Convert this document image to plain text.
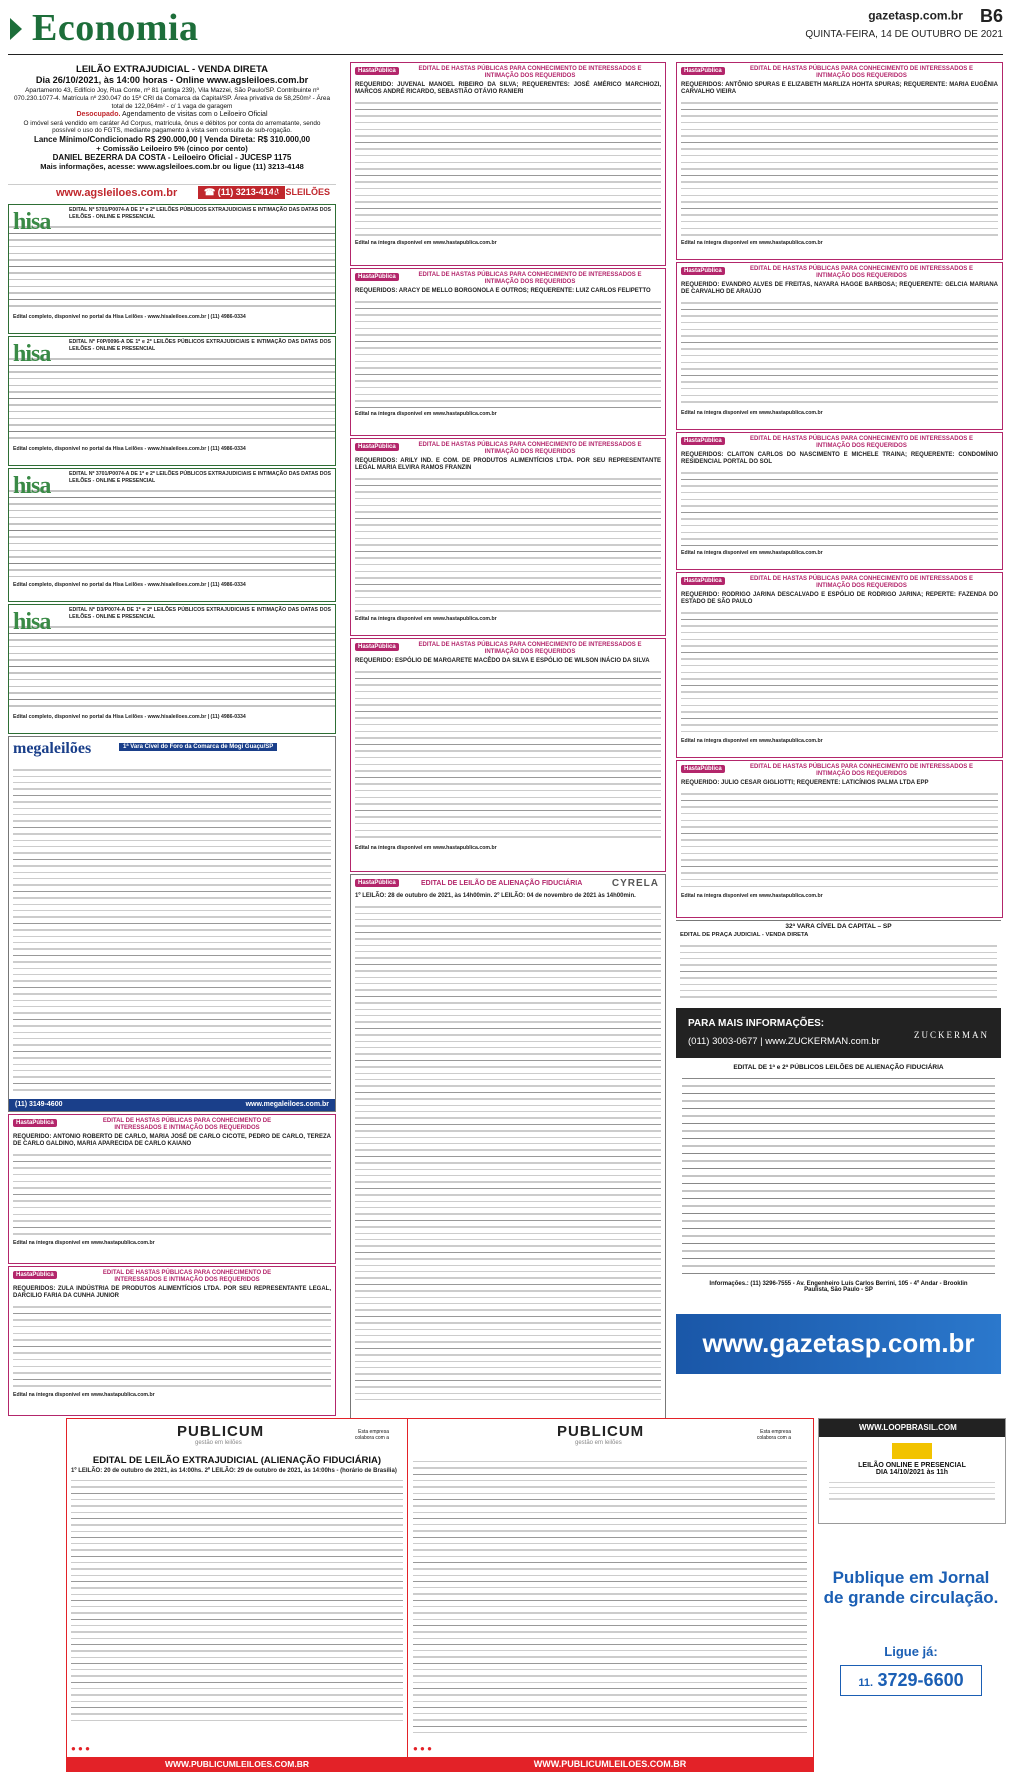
Economia	gazetasp.com.br B6
QUINTA-FEIRA, 14 DE OUTUBRO DE 2021
LEILÃO EXTRAJUDICIAL - VENDA DIRETA
Dia 26/10/2021, às 14:00 horas - Online www.agsleiloes.com.br
Apartamento 43, Edifício Joy, Rua Conte, nº 81 (antiga 239), Vila Mazzei, São Paulo/SP. Contribuinte nº 070.230.1077-4. Matrícula nº 230.047 do 15º CRI da Comarca da Capital/SP. Área privativa de 58,250m² - Área total de 122,064m² - c/ 1 vaga de garagem
Desocupado. Agendamento de visitas com o Leiloeiro Oficial
O imóvel será vendido em caráter Ad Corpus, matrícula, ônus e débitos por conta do arrematante, sendo possível o uso do FGTS, mediante pagamento à vista sem consulta de sub-rogação.
Lance Mínimo/Condicionado R$ 290.000,00 | Venda Direta: R$ 310.000,00
+ Comissão Leiloeiro 5% (cinco por cento)
DANIEL BEZERRA DA COSTA - Leiloeiro Oficial - JUCESP 1175
Mais informações, acesse: www.agsleiloes.com.br ou ligue (11) 3213-4148
www.agsleiloes.com.br	☎ (11) 3213-4148
AGSLEILÕES
hisa	EDITAL Nº 5701/P0074-A DE 1º e 2º LEILÕES PÚBLICOS EXTRAJUDICIAIS E INTIMAÇÃO DAS DATAS DOS LEILÕES - ONLINE E PRESENCIAL
Edital completo, disponível no portal da Hisa Leilões - www.hisaleiloes.com.br | (11) 4986-0334
hisa	EDITAL Nº F0P/0096-A DE 1º e 2º LEILÕES PÚBLICOS EXTRAJUDICIAIS E INTIMAÇÃO DAS DATAS DOS LEILÕES - ONLINE E PRESENCIAL
Edital completo, disponível no portal da Hisa Leilões - www.hisaleiloes.com.br | (11) 4986-0334
hisa	EDITAL Nº 3701/P0074-A DE 1º e 2º LEILÕES PÚBLICOS EXTRAJUDICIAIS E INTIMAÇÃO DAS DATAS DOS LEILÕES - ONLINE E PRESENCIAL
Edital completo, disponível no portal da Hisa Leilões - www.hisaleiloes.com.br | (11) 4986-0334
hisa	EDITAL Nº D3/P0074-A DE 1º e 2º LEILÕES PÚBLICOS EXTRAJUDICIAIS E INTIMAÇÃO DAS DATAS DOS LEILÕES - ONLINE E PRESENCIAL
Edital completo, disponível no portal da Hisa Leilões - www.hisaleiloes.com.br | (11) 4986-0334
megaleilões	1ª Vara Cível do Foro da Comarca de Mogi Guaçu/SP
(11) 3149-4600	www.megaleiloes.com.br
HastaPública	EDITAL DE HASTAS PÚBLICAS PARA CONHECIMENTO DE INTERESSADOS E INTIMAÇÃO DOS REQUERIDOS
REQUERIDO: ANTONIO ROBERTO DE CARLO, MARIA JOSÉ DE CARLO CICOTE, PEDRO DE CARLO, TEREZA DE CARLO GALDINO, MARIA APARECIDA DE CARLO KAIANO
Edital na íntegra disponível em www.hastapublica.com.br
HastaPública	EDITAL DE HASTAS PÚBLICAS PARA CONHECIMENTO DE INTERESSADOS E INTIMAÇÃO DOS REQUERIDOS
REQUERIDOS: ZULA INDÚSTRIA DE PRODUTOS ALIMENTÍCIOS LTDA. POR SEU REPRESENTANTE LEGAL, DARCILIO FARIA DA CUNHA JUNIOR
Edital na íntegra disponível em www.hastapublica.com.br
HastaPública	EDITAL DE HASTAS PÚBLICAS PARA CONHECIMENTO DE INTERESSADOS E INTIMAÇÃO DOS REQUERIDOS
REQUERIDO: JUVENAL MANOEL RIBEIRO DA SILVA; REQUERENTES: JOSÉ AMÉRICO MARCHIOZI, MARCOS ANDRÉ RICARDO, SEBASTIÃO OTÁVIO RANIERI
Edital na íntegra disponível em www.hastapublica.com.br
HastaPública	EDITAL DE HASTAS PÚBLICAS PARA CONHECIMENTO DE INTERESSADOS E INTIMAÇÃO DOS REQUERIDOS
REQUERIDOS: ARACY DE MELLO BORGONOLA E OUTROS; REQUERENTE: LUIZ CARLOS FELIPETTO
Edital na íntegra disponível em www.hastapublica.com.br
HastaPública	EDITAL DE HASTAS PÚBLICAS PARA CONHECIMENTO DE INTERESSADOS E INTIMAÇÃO DOS REQUERIDOS
REQUERIDOS: ARILY IND. E COM. DE PRODUTOS ALIMENTÍCIOS LTDA. POR SEU REPRESENTANTE LEGAL MARIA ELVIRA RAMOS FRANZIN
Edital na íntegra disponível em www.hastapublica.com.br
HastaPública	EDITAL DE HASTAS PÚBLICAS PARA CONHECIMENTO DE INTERESSADOS E INTIMAÇÃO DOS REQUERIDOS
REQUERIDO: ESPÓLIO DE MARGARETE MACÊDO DA SILVA E ESPÓLIO DE WILSON INÁCIO DA SILVA
Edital na íntegra disponível em www.hastapublica.com.br
HastaPública	EDITAL DE LEILÃO DE ALIENAÇÃO FIDUCIÁRIA	CYRELA
1º LEILÃO: 28 de outubro de 2021, às 14h00min. 2º LEILÃO: 04 de novembro de 2021 às 14h00min.
HastaPública	EDITAL DE HASTAS PÚBLICAS PARA CONHECIMENTO DE INTERESSADOS E INTIMAÇÃO DOS REQUERIDOS
REQUERIDOS: ANTÔNIO SPURAS E ELIZABETH MARLIZA HOHTA SPURAS; REQUERENTE: MARIA EUGÊNIA CARVALHO VIEIRA
Edital na íntegra disponível em www.hastapublica.com.br
HastaPública	EDITAL DE HASTAS PÚBLICAS PARA CONHECIMENTO DE INTERESSADOS E INTIMAÇÃO DOS REQUERIDOS
REQUERIDO: EVANDRO ALVES DE FREITAS, NAYARA HAGGE BARBOSA; REQUERENTE: GELCIA MARIANA DE CARVALHO DE ARAÚJO
Edital na íntegra disponível em www.hastapublica.com.br
HastaPública	EDITAL DE HASTAS PÚBLICAS PARA CONHECIMENTO DE INTERESSADOS E INTIMAÇÃO DOS REQUERIDOS
REQUERIDOS: CLAITON CARLOS DO NASCIMENTO E MICHELE TRAINA; REQUERENTE: CONDOMÍNIO RESIDENCIAL PORTAL DO SOL
Edital na íntegra disponível em www.hastapublica.com.br
HastaPública	EDITAL DE HASTAS PÚBLICAS PARA CONHECIMENTO DE INTERESSADOS E INTIMAÇÃO DOS REQUERIDOS
REQUERIDO: RODRIGO JARINA DESCALVADO E ESPÓLIO DE RODRIGO JARINA; REPERTE: FAZENDA DO ESTADO DE SÃO PAULO
Edital na íntegra disponível em www.hastapublica.com.br
HastaPública	EDITAL DE HASTAS PÚBLICAS PARA CONHECIMENTO DE INTERESSADOS E INTIMAÇÃO DOS REQUERIDOS
REQUERIDO: JULIO CESAR GIGLIOTTI; REQUERENTE: LATICÍNIOS PALMA LTDA EPP
Edital na íntegra disponível em www.hastapublica.com.br
32ª VARA CÍVEL DA CAPITAL – SP
EDITAL DE PRAÇA JUDICIAL - VENDA DIRETA
PARA MAIS INFORMAÇÕES:
(011) 3003-0677 | www.ZUCKERMAN.com.br
ZUCKERMAN
EDITAL DE 1ª e 2ª PÚBLICOS LEILÕES DE ALIENAÇÃO FIDUCIÁRIA
Informações.: (11) 3296-7555 - Av. Engenheiro Luís Carlos Berrini, 105 - 4º Andar - Brooklin Paulista, São Paulo - SP
www.gazetasp.com.br
PUBLICUM
gestão em leilões
Esta empresa colabora com a
EDITAL DE LEILÃO EXTRAJUDICIAL (ALIENAÇÃO FIDUCIÁRIA)
1º LEILÃO: 20 de outubro de 2021, às 14:00hs. 2º LEILÃO: 29 de outubro de 2021, às 14:00hs - (horário de Brasília)
● ● ●
WWW.PUBLICUMLEILOES.COM.BR
PUBLICUM
gestão em leilões
Esta empresa colabora com a
● ● ●
WWW.PUBLICUMLEILOES.COM.BR
WWW.LOOPBRASIL.COM
LEILÃO ONLINE E PRESENCIAL
DIA 14/10/2021 às 11h
Publique em Jornal
de grande circulação.
Ligue já:
11. 3729-6600
